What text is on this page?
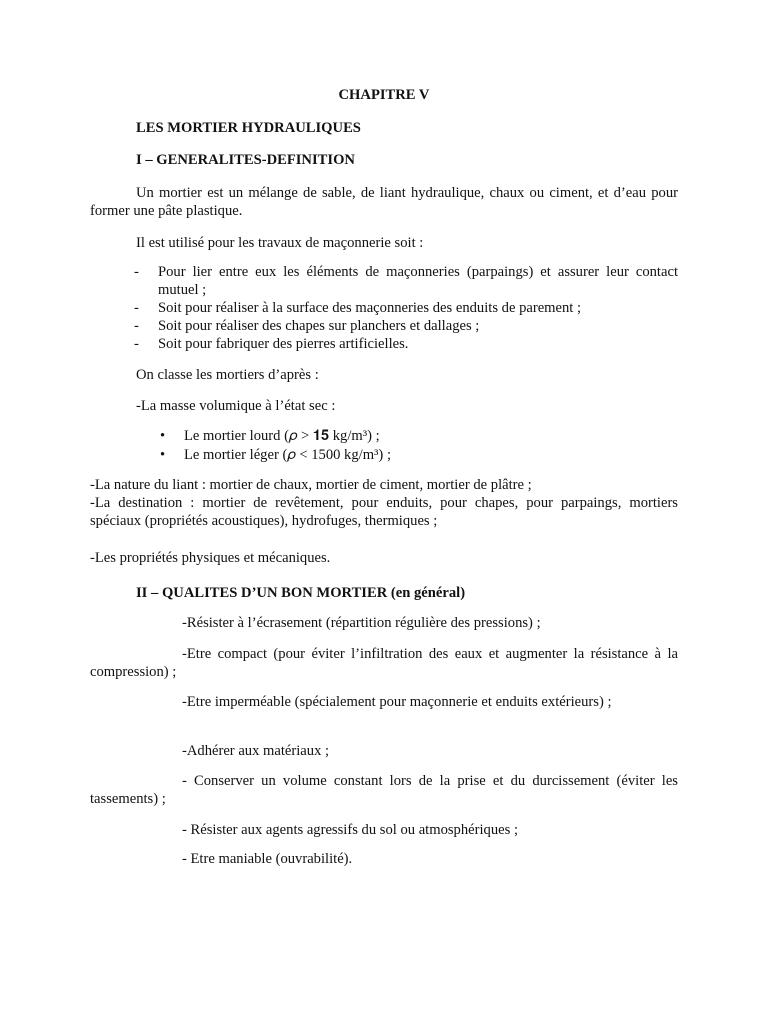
CHAPITRE V

LES MORTIER HYDRAULIQUES

I – GENERALITES-DEFINITION

Un mortier est un mélange de sable, de liant hydraulique, chaux ou ciment, et d’eau pour former une pâte plastique.

Il est utilisé pour les travaux de maçonnerie soit :

- Pour lier entre eux les éléments de maçonneries (parpaings) et assurer leur contact mutuel ;
- Soit pour réaliser à la surface des maçonneries des enduits de parement ;
- Soit pour réaliser des chapes sur planchers et dallages ;
- Soit pour fabriquer des pierres artificielles.

On classe les mortiers d’après :

-La masse volumique à l’état sec :

• Le mortier lourd (𝜌 > 𝟏𝟓 kg/m³) ;
• Le mortier léger (𝜌 < 1500 kg/m³) ;

-La nature du liant : mortier de chaux, mortier de ciment, mortier de plâtre ;

-La destination : mortier de revêtement, pour enduits, pour chapes, pour parpaings, mortiers spéciaux (propriétés acoustiques), hydrofuges, thermiques ;

-Les propriétés physiques et mécaniques.

II – QUALITES D’UN BON MORTIER (en général)

-Résister à l’écrasement (répartition régulière des pressions) ;

-Etre compact (pour éviter l’infiltration des eaux et augmenter la résistance à la compression) ;

-Etre imperméable (spécialement pour maçonnerie et enduits extérieurs) ;

-Adhérer aux matériaux ;

- Conserver un volume constant lors de la prise et du durcissement (éviter les tassements) ;

- Résister aux agents agressifs du sol ou atmosphériques ;

- Etre maniable (ouvrabilité).
